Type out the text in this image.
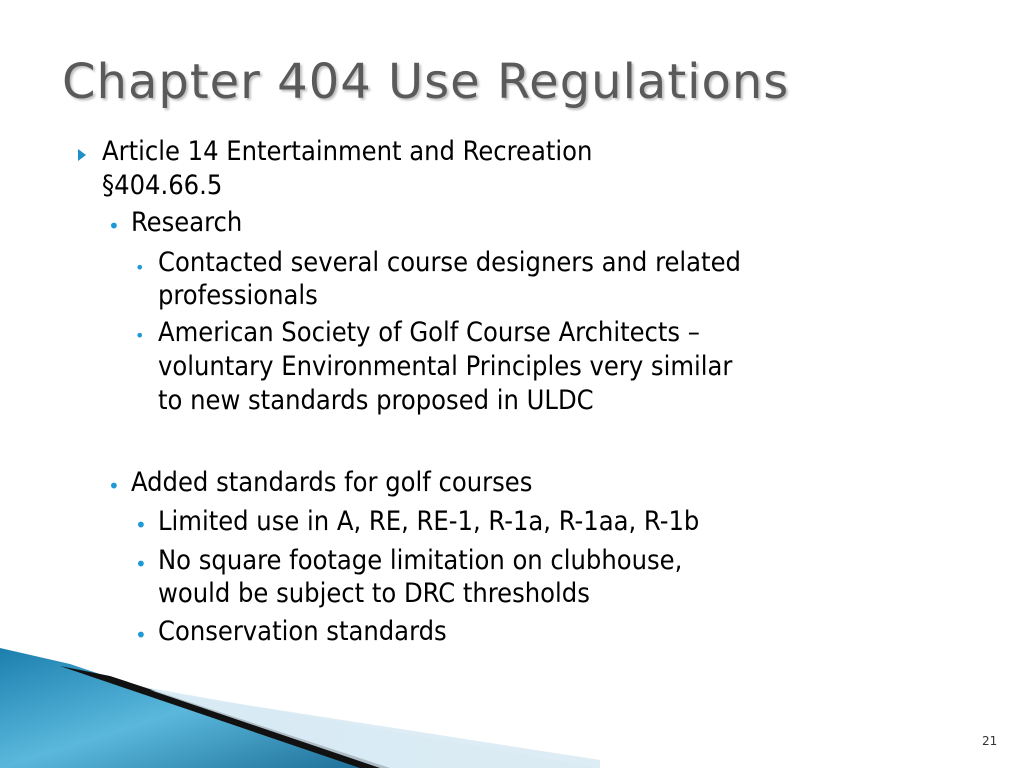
Chapter 404 Use Regulations
Article 14 Entertainment and Recreation
§404.66.5
• Research
• Contacted several course designers and related
professionals
• American Society of Golf Course Architects –
voluntary Environmental Principles very similar
to new standards proposed in ULDC
• Added standards for golf courses
• Limited use in A, RE, RE-1, R-1a, R-1aa, R-1b
• No square footage limitation on clubhouse,
would be subject to DRC thresholds
• Conservation standards
21
